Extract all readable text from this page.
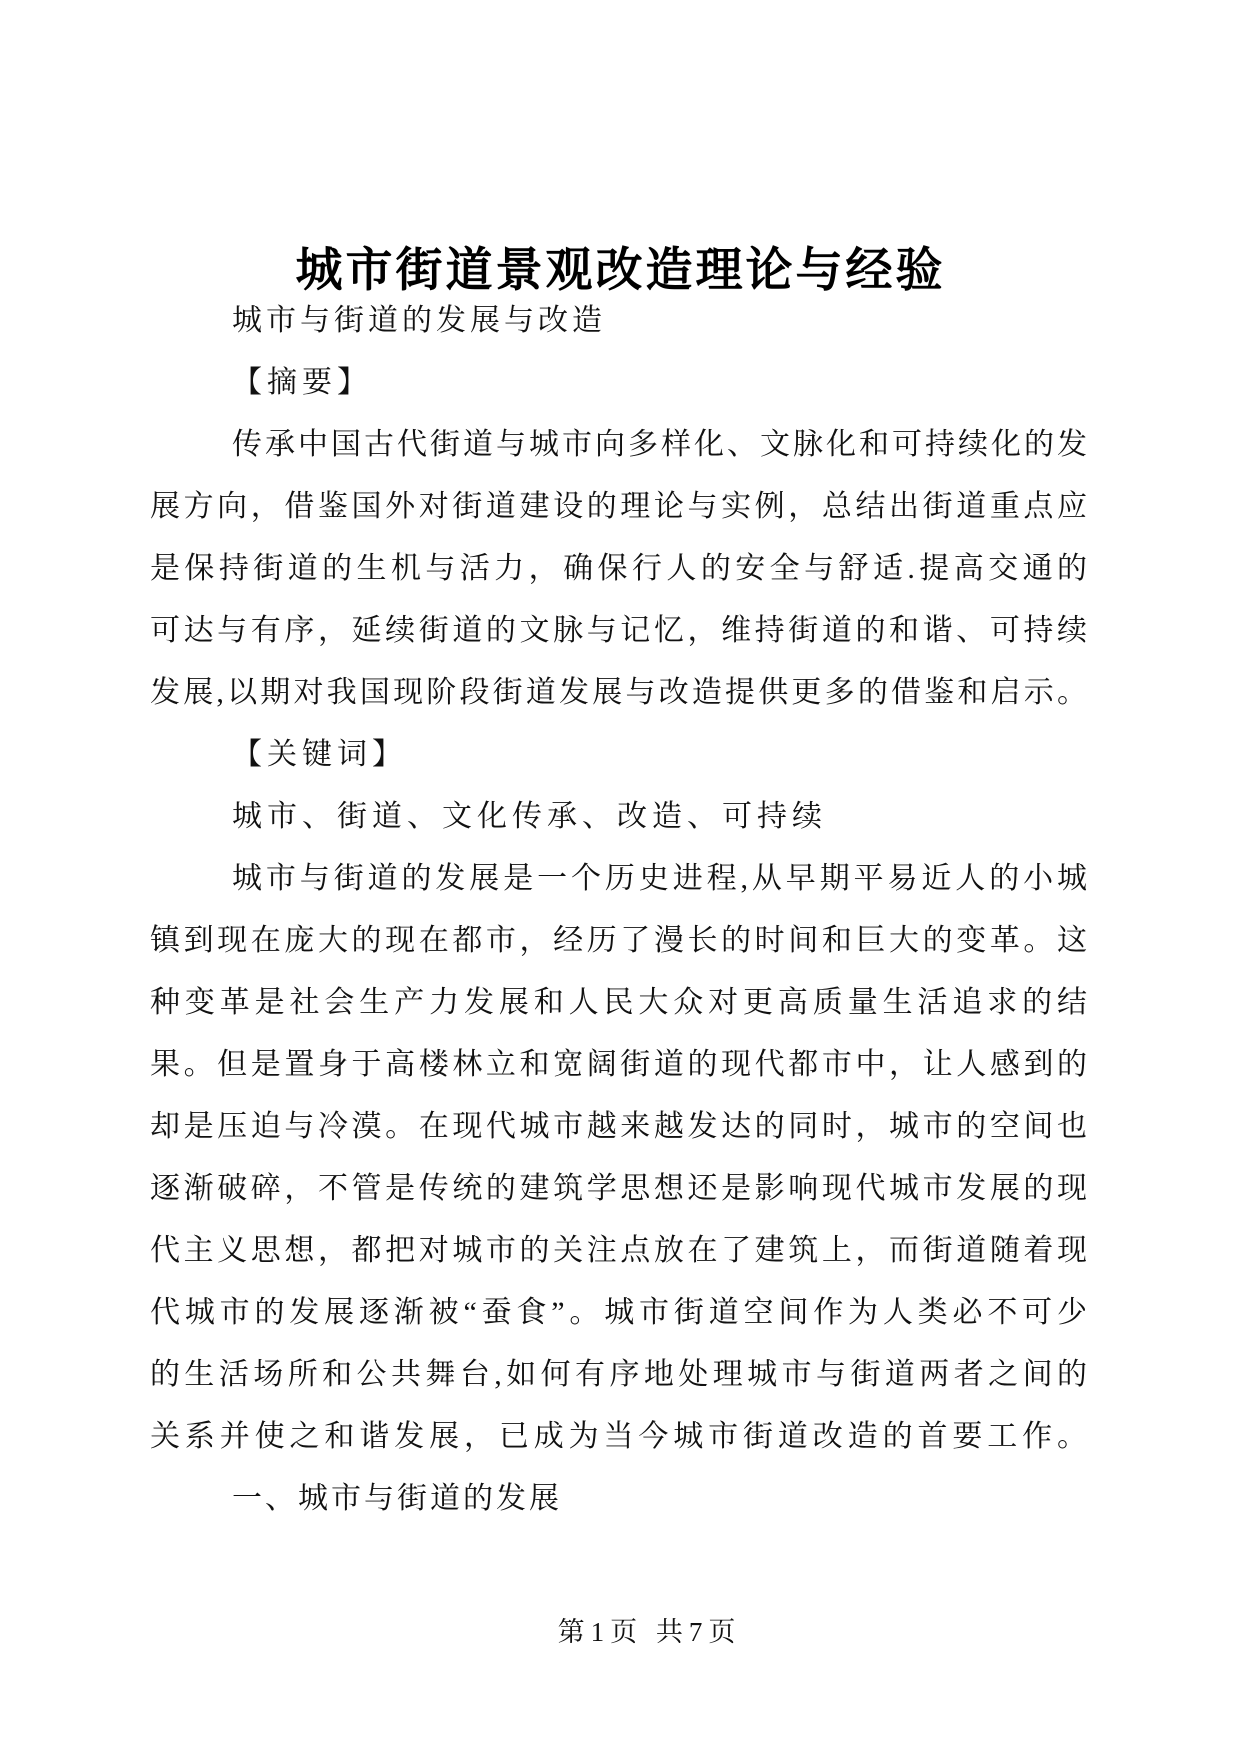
城市街道景观改造理论与经验
城市与街道的发展与改造
【摘要】
传承中国古代街道与城市向多样化、文脉化和可持续化的发
展方向，借鉴国外对街道建设的理论与实例，总结出街道重点应
是保持街道的生机与活力，确保行人的安全与舒适.提高交通的
可达与有序，延续街道的文脉与记忆，维持街道的和谐、可持续
发展,以期对我国现阶段街道发展与改造提供更多的借鉴和启示。
【关键词】
城市、街道、文化传承、改造、可持续
城市与街道的发展是一个历史进程,从早期平易近人的小城
镇到现在庞大的现在都市，经历了漫长的时间和巨大的变革。这
种变革是社会生产力发展和人民大众对更高质量生活追求的结
果。但是置身于高楼林立和宽阔街道的现代都市中，让人感到的
却是压迫与冷漠。在现代城市越来越发达的同时，城市的空间也
逐渐破碎，不管是传统的建筑学思想还是影响现代城市发展的现
代主义思想，都把对城市的关注点放在了建筑上，而街道随着现
代城市的发展逐渐被“蚕食”。城市街道空间作为人类必不可少
的生活场所和公共舞台,如何有序地处理城市与街道两者之间的
关系并使之和谐发展，已成为当今城市街道改造的首要工作。
一、城市与街道的发展
第1页 共7页
